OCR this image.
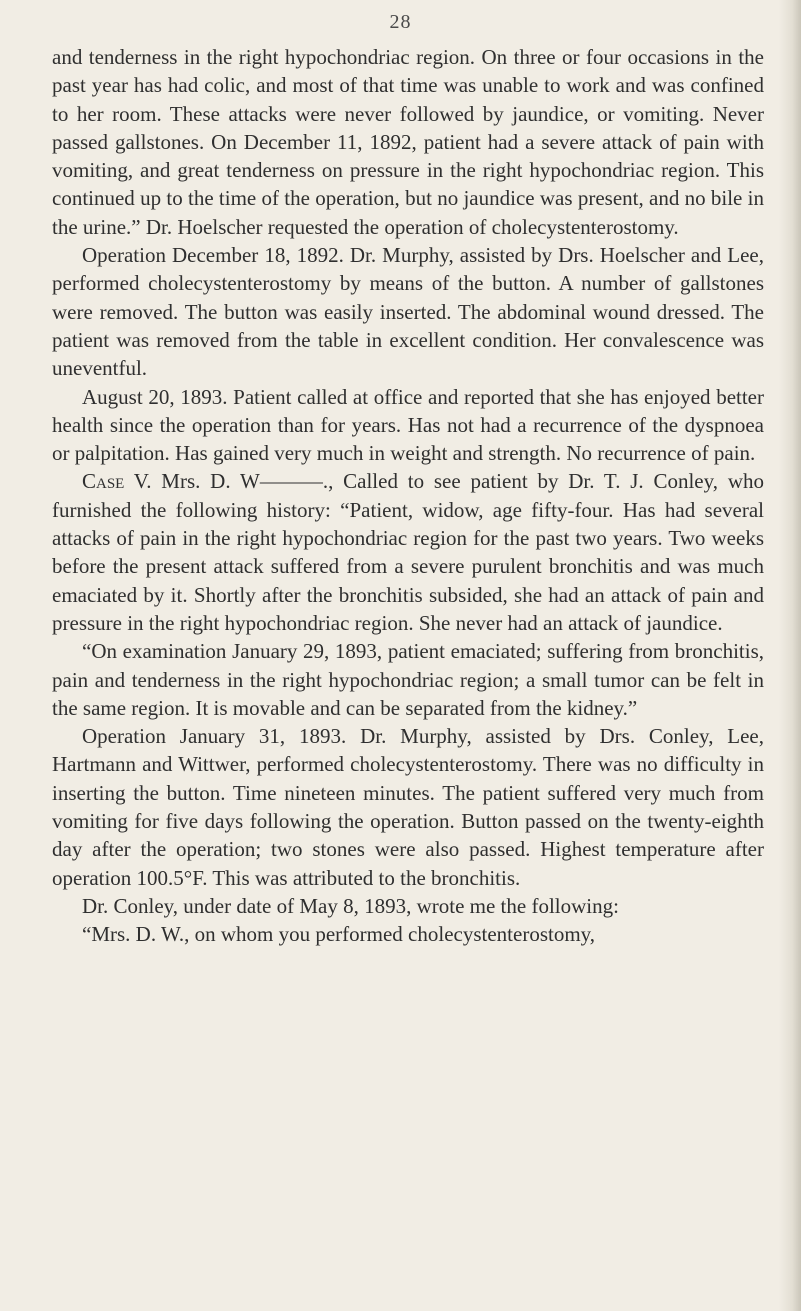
28

and tenderness in the right hypochondriac region. On three or four occasions in the past year has had colic, and most of that time was unable to work and was confined to her room. These attacks were never followed by jaundice, or vomiting. Never passed gallstones. On December 11, 1892, patient had a severe attack of pain with vomiting, and great tenderness on pressure in the right hypochondriac region. This continued up to the time of the operation, but no jaundice was present, and no bile in the urine.” Dr. Hoelscher requested the operation of cholecystenterostomy.

Operation December 18, 1892. Dr. Murphy, assisted by Drs. Hoelscher and Lee, performed cholecystenterostomy by means of the button. A number of gallstones were removed. The button was easily inserted. The abdominal wound dressed. The patient was removed from the table in excellent condition. Her convalescence was uneventful.

August 20, 1893. Patient called at office and reported that she has enjoyed better health since the operation than for years. Has not had a recurrence of the dyspnoea or palpitation. Has gained very much in weight and strength. No recurrence of pain.

Case V. Mrs. D. W———., Called to see patient by Dr. T. J. Conley, who furnished the following history: “Patient, widow, age fifty-four. Has had several attacks of pain in the right hypochondriac region for the past two years. Two weeks before the present attack suffered from a severe purulent bronchitis and was much emaciated by it. Shortly after the bronchitis subsided, she had an attack of pain and pressure in the right hypochondriac region. She never had an attack of jaundice.

“On examination January 29, 1893, patient emaciated; suffering from bronchitis, pain and tenderness in the right hypochondriac region; a small tumor can be felt in the same region. It is movable and can be separated from the kidney.”

Operation January 31, 1893. Dr. Murphy, assisted by Drs. Conley, Lee, Hartmann and Wittwer, performed cholecystenterostomy. There was no difficulty in inserting the button. Time nineteen minutes. The patient suffered very much from vomiting for five days following the operation. Button passed on the twenty-eighth day after the operation; two stones were also passed. Highest temperature after operation 100.5°F. This was attributed to the bronchitis.

Dr. Conley, under date of May 8, 1893, wrote me the following:

“Mrs. D. W., on whom you performed cholecystenterostomy,
